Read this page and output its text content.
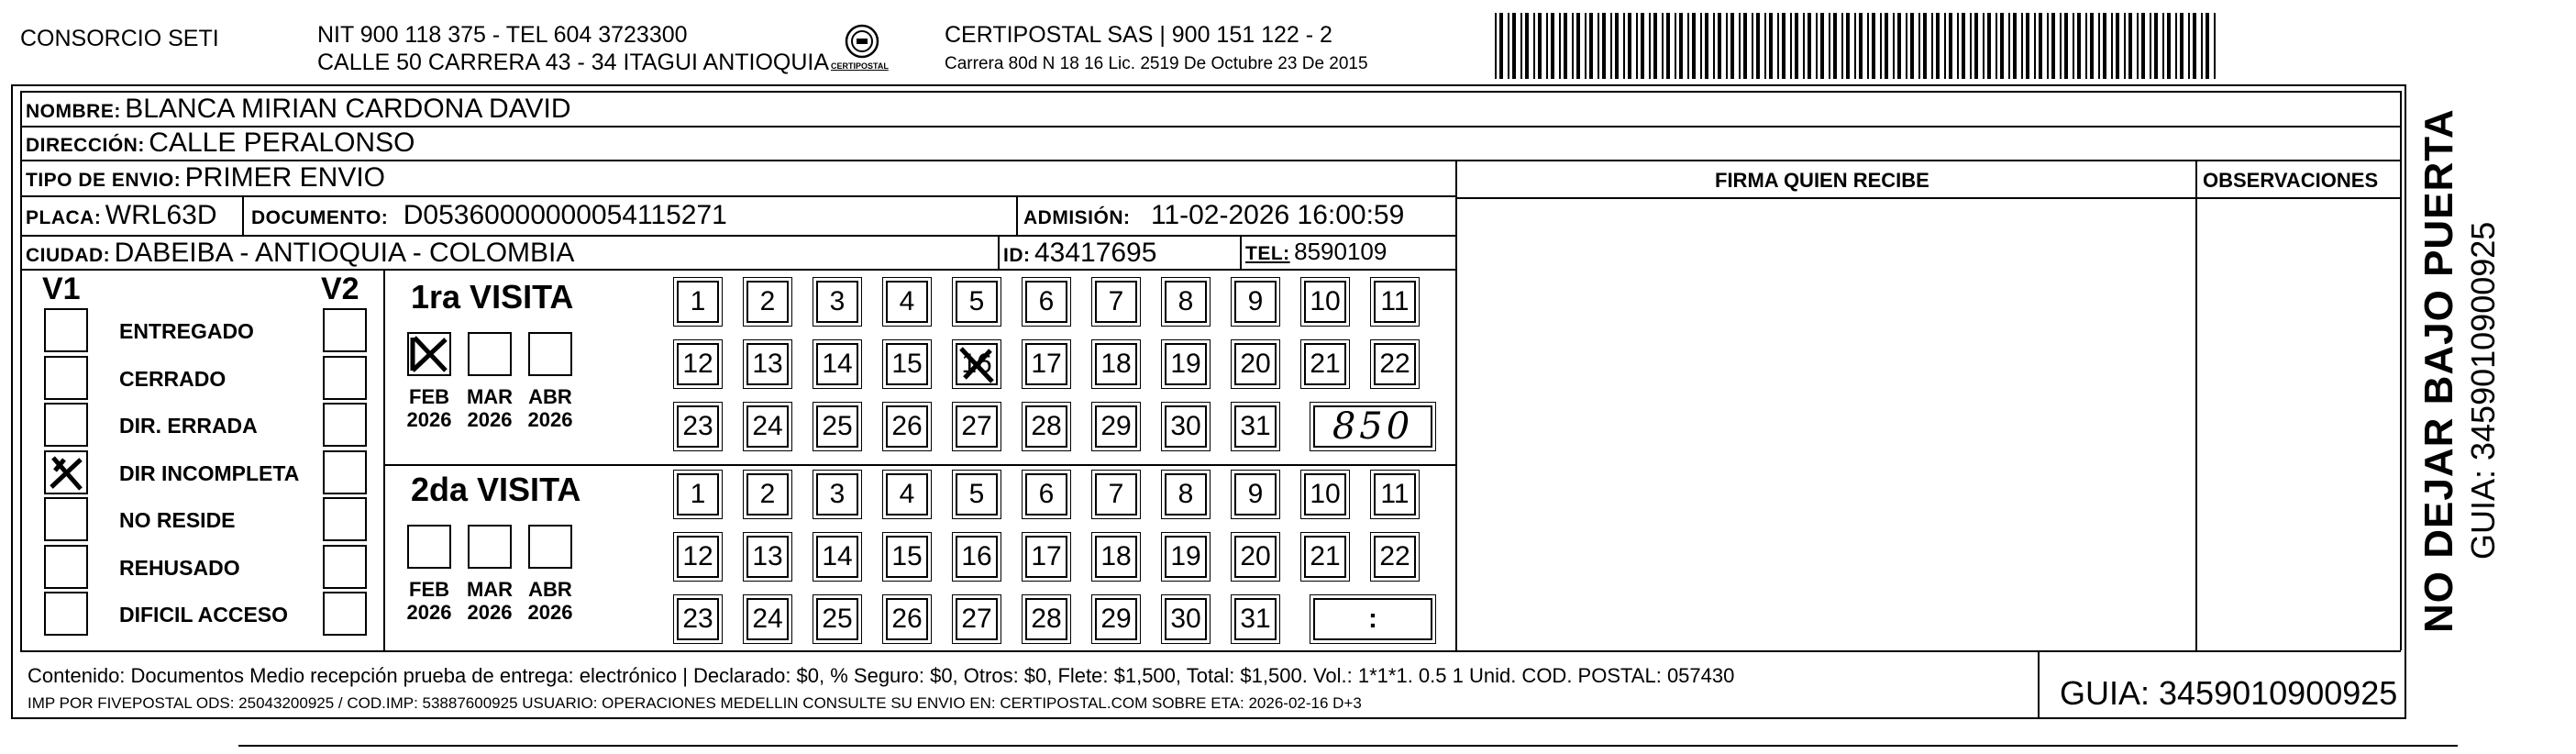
CONSORCIO SETI	NIT 900 118 375 - TEL 604 3723300
CALLE 50 CARRERA 43 - 34 ITAGUI ANTIOQUIA CERTIPOSTAL
CERTIPOSTAL SAS | 900 151 122 - 2
Carrera 80d N 18 16 Lic. 2519 De Octubre 23 De 2015
NOMBRE: BLANCA MIRIAN CARDONA DAVID
DIRECCIÓN: CALLE PERALONSO
TIPO DE ENVIO: PRIMER ENVIO
PLACA: WRL63D DOCUMENTO: D05360000000054115271	ADMISIÓN: 11-02-2026 16:00:59
CIUDAD: DABEIBA - ANTIOQUIA - COLOMBIA	ID: 43417695	TEL: 8590109
FIRMA QUIEN RECIBE	OBSERVACIONES
V1	V2
ENTREGADO
CERRADO
DIR. ERRADA
DIR INCOMPLETA
NO RESIDE
REHUSADO
DIFICIL ACCESO
1ra VISITA
2da VISITA
FEB
2026
MAR
2026
ABR
2026
1 2 3 4 5 6 7 8 9 10 11
12 13 14 15 16 17 18 19 20 21 22
23 24 25 26 27 28 29 30 31 850
FEB
2026
MAR
2026
ABR
2026
1 2 3 4 5 6 7 8 9 10 11
12 13 14 15 16 17 18 19 20 21 22
23 24 25 26 27 28 29 30 31	:	NO DEJAR BAJO PUERTA GUIA: 3459010900925
Contenido: Documentos Medio recepción prueba de entrega: electrónico | Declarado: $0, % Seguro: $0, Otros: $0, Flete: $1,500, Total: $1,500. Vol.: 1*1*1. 0.5 1 Unid. COD. POSTAL: 057430
IMP POR FIVEPOSTAL ODS: 25043200925 / COD.IMP: 53887600925 USUARIO: OPERACIONES MEDELLIN CONSULTE SU ENVIO EN: CERTIPOSTAL.COM SOBRE ETA: 2026-02-16 D+3	GUIA: 3459010900925
